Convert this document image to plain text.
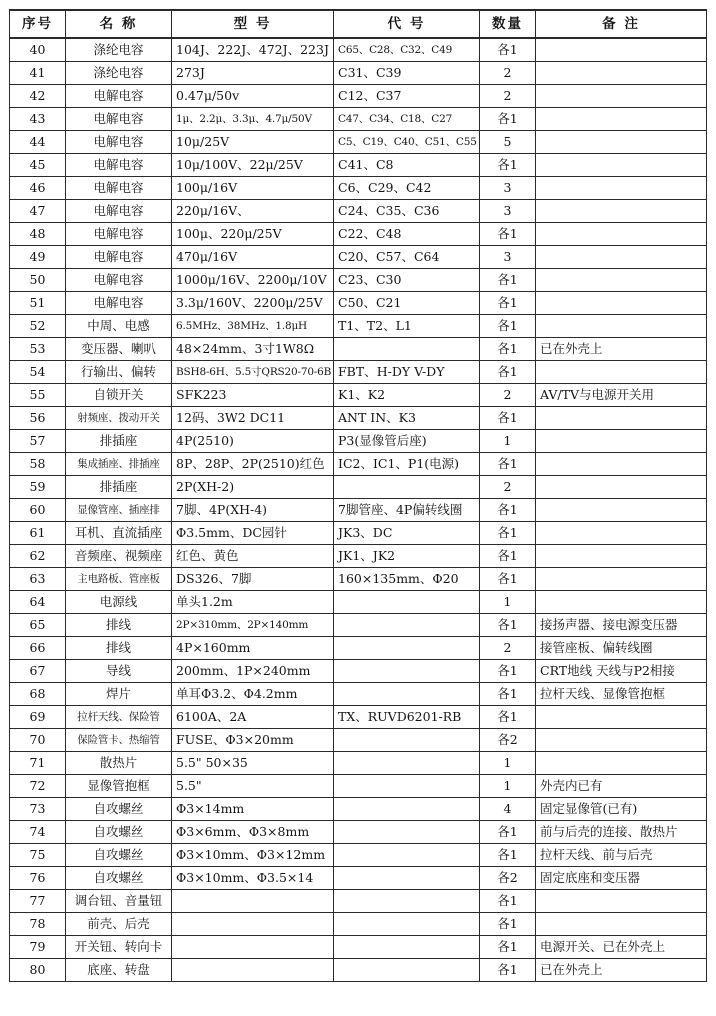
序号	名 称	型 号	代 号	数量	备 注
40	涤纶电容	104J、222J、472J、223J	C65、C28、C32、C49	各1	
41	涤纶电容	273J	C31、C39	2	
42	电解电容	0.47μ/50v	C12、C37	2	
43	电解电容	1μ、2.2μ、3.3μ、4.7μ/50V	C47、C34、C18、C27	各1	
44	电解电容	10μ/25V	C5、C19、C40、C51、C55	5	
45	电解电容	10μ/100V、22μ/25V	C41、C8	各1	
46	电解电容	100μ/16V	C6、C29、C42	3	
47	电解电容	220μ/16V、	C24、C35、C36	3	
48	电解电容	100μ、220μ/25V	C22、C48	各1	
49	电解电容	470μ/16V	C20、C57、C64	3	
50	电解电容	1000μ/16V、2200μ/10V	C23、C30	各1	
51	电解电容	3.3μ/160V、2200μ/25V	C50、C21	各1	
52	中周、电感	6.5MHz、38MHz、1.8μH	T1、T2、L1	各1	
53	变压器、喇叭	48×24mm、3寸1W8Ω		各1	已在外壳上
54	行输出、偏转	BSH8-6H、5.5寸QRS20-70-6B	FBT、H-DY V-DY	各1	
55	自锁开关	SFK223	K1、K2	2	AV/TV与电源开关用
56	射频座、拨动开关	12码、3W2 DC11	ANT IN、K3	各1	
57	排插座	4P(2510)	P3(显像管后座)	1	
58	集成插座、排插座	8P、28P、2P(2510)红色	IC2、IC1、P1(电源)	各1	
59	排插座	2P(XH-2)		2	
60	显像管座、插座排	7脚、4P(XH-4)	7脚管座、4P偏转线圈	各1	
61	耳机、直流插座	Φ3.5mm、DC园针	JK3、DC	各1	
62	音频座、视频座	红色、黄色	JK1、JK2	各1	
63	主电路板、管座板	DS326、7脚	160×135mm、Φ20	各1	
64	电源线	单头1.2m		1	
65	排线	2P×310mm、2P×140mm		各1	接扬声器、接电源变压器
66	排线	4P×160mm		2	接管座板、偏转线圈
67	导线	200mm、1P×240mm		各1	CRT地线 天线与P2相接
68	焊片	单耳Φ3.2、Φ4.2mm		各1	拉杆天线、显像管抱框
69	拉杆天线、保险管	6100A、2A	TX、RUVD6201-RB	各1	
70	保险管卡、热缩管	FUSE、Φ3×20mm		各2	
71	散热片	5.5" 50×35		1	
72	显像管抱框	5.5"		1	外壳内已有
73	自攻螺丝	Φ3×14mm		4	固定显像管(已有)
74	自攻螺丝	Φ3×6mm、Φ3×8mm		各1	前与后壳的连接、散热片
75	自攻螺丝	Φ3×10mm、Φ3×12mm		各1	拉杆天线、前与后壳
76	自攻螺丝	Φ3×10mm、Φ3.5×14		各2	固定底座和变压器
77	调台钮、音量钮			各1	
78	前壳、后壳			各1	
79	开关钮、转向卡			各1	电源开关、已在外壳上
80	底座、转盘			各1	已在外壳上
